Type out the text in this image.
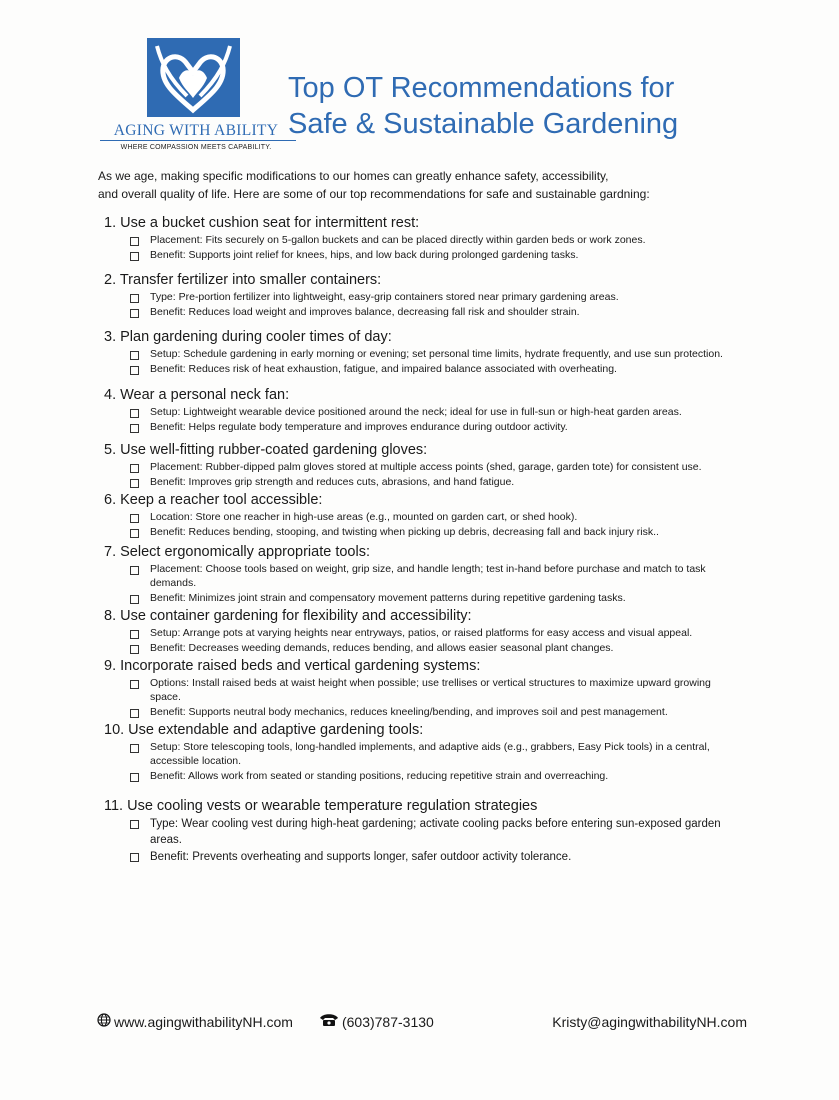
AGING WITH ABILITY
WHERE COMPASSION MEETS CAPABILITY.
Top OT Recommendations for
Safe & Sustainable Gardening

As we age, making specific modifications to our homes can greatly enhance safety, accessibility,
and overall quality of life. Here are some of our top recommendations for safe and sustainable gardning:

1. Use a bucket cushion seat for intermittent rest:

Placement: Fits securely on 5-gallon buckets and can be placed directly within garden beds or work zones.
Benefit: Supports joint relief for knees, hips, and low back during prolonged gardening tasks.

2. Transfer fertilizer into smaller containers:

Type: Pre-portion fertilizer into lightweight, easy-grip containers stored near primary gardening areas.
Benefit: Reduces load weight and improves balance, decreasing fall risk and shoulder strain.

3. Plan gardening during cooler times of day:

Setup: Schedule gardening in early morning or evening; set personal time limits, hydrate frequently, and use sun protection.
Benefit: Reduces risk of heat exhaustion, fatigue, and impaired balance associated with overheating.

4. Wear a personal neck fan:

Setup: Lightweight wearable device positioned around the neck; ideal for use in full-sun or high-heat garden areas.
Benefit: Helps regulate body temperature and improves endurance during outdoor activity.

5. Use well-fitting rubber-coated gardening gloves:

Placement: Rubber-dipped palm gloves stored at multiple access points (shed, garage, garden tote) for consistent use.
Benefit: Improves grip strength and reduces cuts, abrasions, and hand fatigue.

6. Keep a reacher tool accessible:

Location: Store one reacher in high-use areas (e.g., mounted on garden cart, or shed hook).
Benefit: Reduces bending, stooping, and twisting when picking up debris, decreasing fall and back injury risk..

7. Select ergonomically appropriate tools:

Placement: Choose tools based on weight, grip size, and handle length; test in-hand before purchase and match to task demands.
Benefit: Minimizes joint strain and compensatory movement patterns during repetitive gardening tasks.

8. Use container gardening for flexibility and accessibility:

Setup: Arrange pots at varying heights near entryways, patios, or raised platforms for easy access and visual appeal.
Benefit: Decreases weeding demands, reduces bending, and allows easier seasonal plant changes.

9. Incorporate raised beds and vertical gardening systems:

Options: Install raised beds at waist height when possible; use trellises or vertical structures to maximize upward growing space.
Benefit: Supports neutral body mechanics, reduces kneeling/bending, and improves soil and pest management.

10. Use extendable and adaptive gardening tools:

Setup: Store telescoping tools, long-handled implements, and adaptive aids (e.g., grabbers, Easy Pick tools) in a central, accessible location.
Benefit: Allows work from seated or standing positions, reducing repetitive strain and overreaching.

11. Use cooling vests or wearable temperature regulation strategies

Type: Wear cooling vest during high-heat gardening; activate cooling packs before entering sun-exposed garden areas.
Benefit: Prevents overheating and supports longer, safer outdoor activity tolerance.
www.agingwithabilityNH.com	(603)787-3130	Kristy@agingwithabilityNH.com
